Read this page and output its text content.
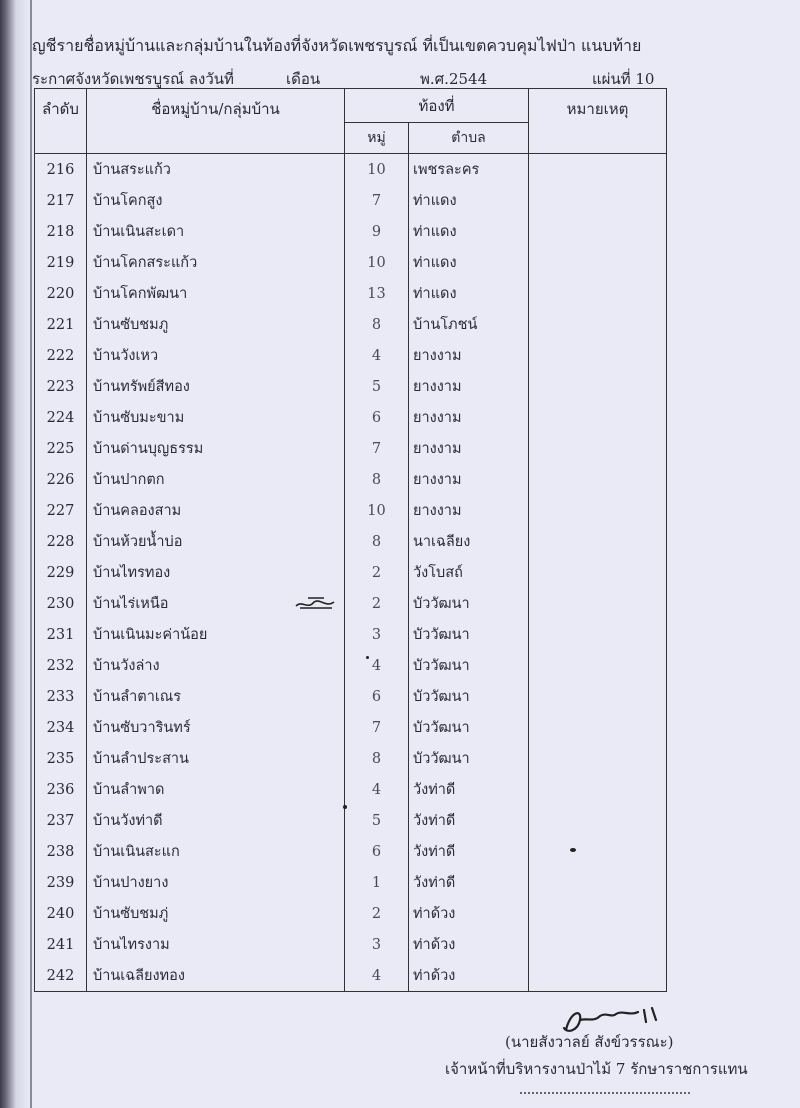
ญชีรายชื่อหมู่บ้านและกลุ่มบ้านในท้องที่จังหวัดเพชรบูรณ์ ที่เป็นเขตควบคุมไฟป่า แนบท้าย
ระกาศจังหวัดเพชรบูรณ์ ลงวันที่	เดือน	พ.ศ.2544	แผ่นที่ 10
ลำดับ	ชื่อหมู่บ้าน/กลุ่มบ้าน	ท้องที่		หมายเหตุ
		หมู่	ตำบล	
216	บ้านสระแก้ว	10	เพชรละคร	
217	บ้านโคกสูง	7	ท่าแดง	
218	บ้านเนินสะเดา	9	ท่าแดง	
219	บ้านโคกสระแก้ว	10	ท่าแดง	
220	บ้านโคกพัฒนา	13	ท่าแดง	
221	บ้านซับชมภู	8	บ้านโภชน์	
222	บ้านวังเหว	4	ยางงาม	
223	บ้านทรัพย์สีทอง	5	ยางงาม	
224	บ้านซับมะขาม	6	ยางงาม	
225	บ้านด่านบุญธรรม	7	ยางงาม	
226	บ้านปากตก	8	ยางงาม	
227	บ้านคลองสาม	10	ยางงาม	
228	บ้านห้วยน้ำบ่อ	8	นาเฉลียง	
229	บ้านไทรทอง	2	วังโบสถ์	
230	บ้านไร่เหนือ	2	บัววัฒนา	
231	บ้านเนินมะค่าน้อย	3	บัววัฒนา	
232	บ้านวังล่าง	4	บัววัฒนา	
233	บ้านลำตาเณร	6	บัววัฒนา	
234	บ้านซับวารินทร์	7	บัววัฒนา	
235	บ้านลำประสาน	8	บัววัฒนา	
236	บ้านลำพาด	4	วังท่าดี	
237	บ้านวังท่าดี	5	วังท่าดี	
238	บ้านเนินสะแก	6	วังท่าดี	
239	บ้านปางยาง	1	วังท่าดี	
240	บ้านซับชมภู่	2	ท่าด้วง	
241	บ้านไทรงาม	3	ท่าด้วง	
242	บ้านเฉลียงทอง	4	ท่าด้วง	
(นายสังวาลย์ สังข์วรรณะ)
เจ้าหน้าที่บริหารงานป่าไม้ 7 รักษาราชการแทน
